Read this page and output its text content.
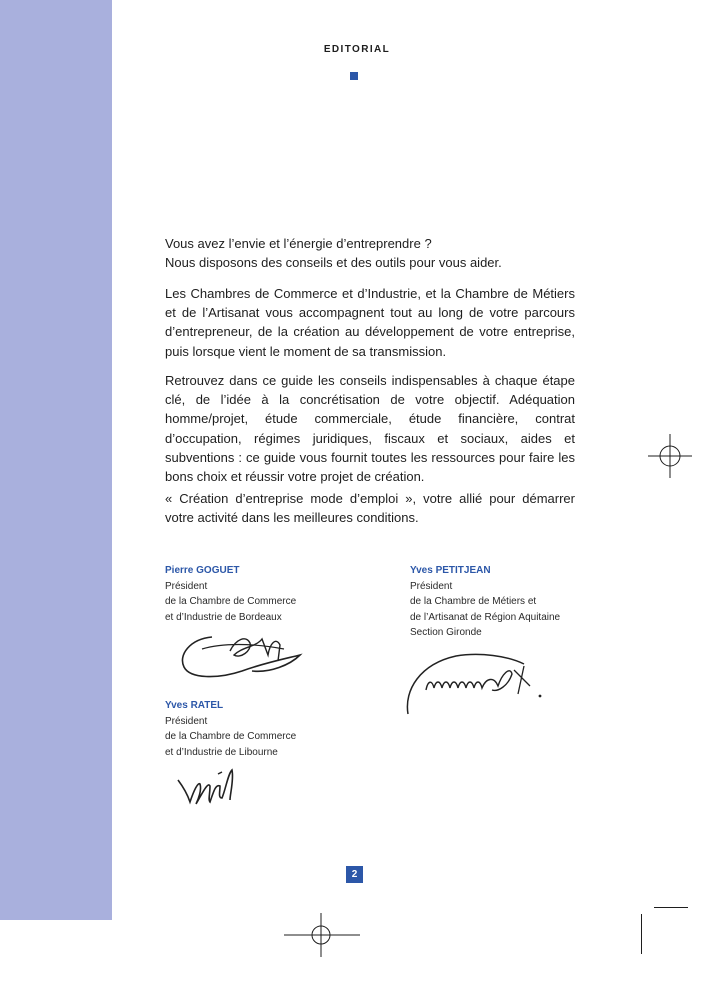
EDITORIAL

Vous avez l’envie et l’énergie d’entreprendre ?

Nous disposons des conseils et des outils pour vous aider.

Les Chambres de Commerce et d’Industrie, et la Chambre de Métiers et de l’Artisanat vous accompagnent tout au long de votre parcours d’entrepreneur, de la création au développement de votre entreprise, puis lorsque vient le moment de sa transmission.
Retrouvez dans ce guide les conseils indispensables à chaque étape clé, de l’idée à la concrétisation de votre objectif. Adéquation homme/projet, étude commerciale, étude financière, contrat d’occupation, régimes juridiques, fiscaux et sociaux, aides et subventions : ce guide vous fournit toutes les ressources pour faire les bons choix et réussir votre projet de création.
« Création d’entreprise mode d’emploi », votre allié pour démarrer votre activité dans les meilleures conditions.
Pierre GOGUET
Président
de la Chambre de Commerce
et d’Industrie de Bordeaux
Yves PETITJEAN
Président
de la Chambre de Métiers et
de l’Artisanat de Région Aquitaine
Section Gironde
Yves RATEL
Président
de la Chambre de Commerce
et d’Industrie de Libourne
2
